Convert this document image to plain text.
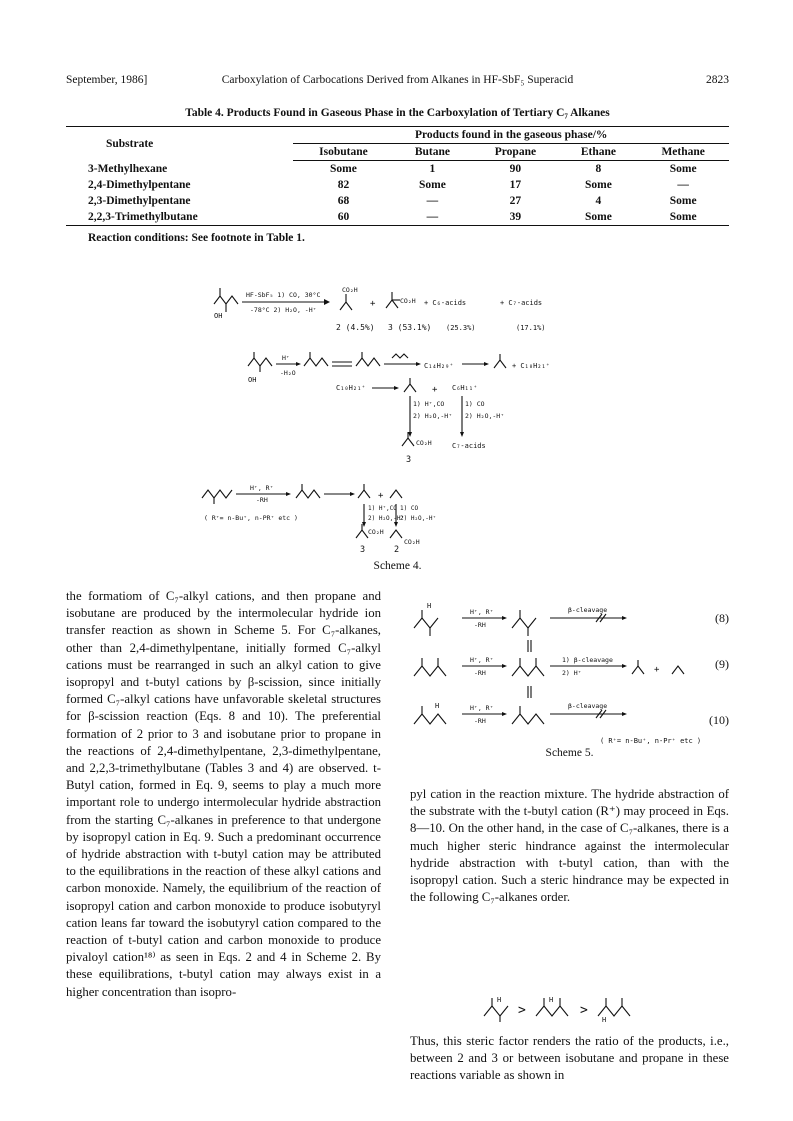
September, 1986]	Carboxylation of Carbocations Derived from Alkanes in HF-SbF₅ Superacid	2823
Table 4. Products Found in Gaseous Phase in the Carboxylation of Tertiary C₇ Alkanes
Substrate	Products found in the gaseous phase/%				
	Isobutane	Butane	Propane	Ethane	Methane
3-Methylhexane	Some	1	90	8	Some
2,4-Dimethylpentane	82	Some	17	Some	—
2,3-Dimethylpentane	68	—	27	4	Some
2,2,3-Trimethylbutane	60	—	39	Some	Some
Reaction conditions: See footnote in Table 1.
OH
HF-SbF₅ 1) CO, 30°C
-78°C 2) H₂O, -H⁺
CO₂H
2 (4.5%)
+	CO₂H
3 (53.1%)
+ C₆-acids
(25.3%)
+ C₇-acids
(17.1%)
OH
H⁺
-H₂O
C₁₄H₂₉⁺	+ C₁₀H₂₁⁺
C₁₀H₂₁⁺	+ C₆H₁₁⁺
1) H⁺,CO
2) H₂O,-H⁺
1) CO
2) H₂O,-H⁺
CO₂H
3
C₇-acids
H⁺, R⁺
-RH
( R⁺= n-Bu⁺, n-PR⁺ etc )
+
1) H⁺,CO
2) H₂O,-H⁺
1) CO
2) H₂O,-H⁺
CO₂H
CO₂H
3	2
Scheme 4.
the formatiom of C₇-alkyl cations, and then propane and isobutane are produced by the intermolecular hydride ion transfer reaction as shown in Scheme 5. For C₇-alkanes, other than 2,4-dimethylpentane, initially formed C₇-alkyl cations must be rearranged in such an alkyl cation to give isopropyl and t-butyl cations by β-scission, since initially formed C₇-alkyl cations have unfavorable skeletal structures for β-scission reaction (Eqs. 8 and 10). The preferential formation of 2 prior to 3 and isobutane prior to propane in the reactions of 2,4-dimethylpentane, 2,3-dimethylpentane, and 2,2,3-trimethylbutane (Tables 3 and 4) are observed. t-Butyl cation, formed in Eq. 9, seems to play a much more important role to undergo intermolecular hydride abstraction from the starting C₇-alkanes in preference to that undergone by isopropyl cation in Eq. 9. Such a predominant occurrence of hydride abstraction with t-butyl cation may be attributed to the equilibrations in the reaction of these alkyl cations and carbon monoxide. Namely, the equilibrium of the reaction of isopropyl cation and carbon monoxide to produce isobutyryl cation leans far toward the isobutyryl cation compared to the reaction of t-butyl cation and carbon monoxide to produce pivaloyl cation¹⁸⁾ as seen in Eqs. 2 and 4 in Scheme 2. By these equilibrations, t-butyl cation may always exist in a higher concentration than isopro-
H
H⁺, R⁺
-RH
β-cleavage
H⁺, R⁺
-RH
1) β-cleavage
2) H⁺	+
H	H⁺, R⁺
-RH
β-cleavage
(8)
(9)
(10)
( R⁺= n-Bu⁺, n-Pr⁺ etc )
Scheme 5.
pyl cation in the reaction mixture. The hydride abstraction of the substrate with the t-butyl cation (R⁺) may proceed in Eqs. 8—10. On the other hand, in the case of C₇-alkanes, there is a much higher steric hindrance against the intermolecular hydride abstraction with t-butyl cation, than with the isopropyl cation. Such a steric hindrance may be expected in the following C₇-alkanes order.
H
>
H
>
H
Thus, this steric factor renders the ratio of the products, i.e., between 2 and 3 or between isobutane and propane in these reactions variable as shown in
